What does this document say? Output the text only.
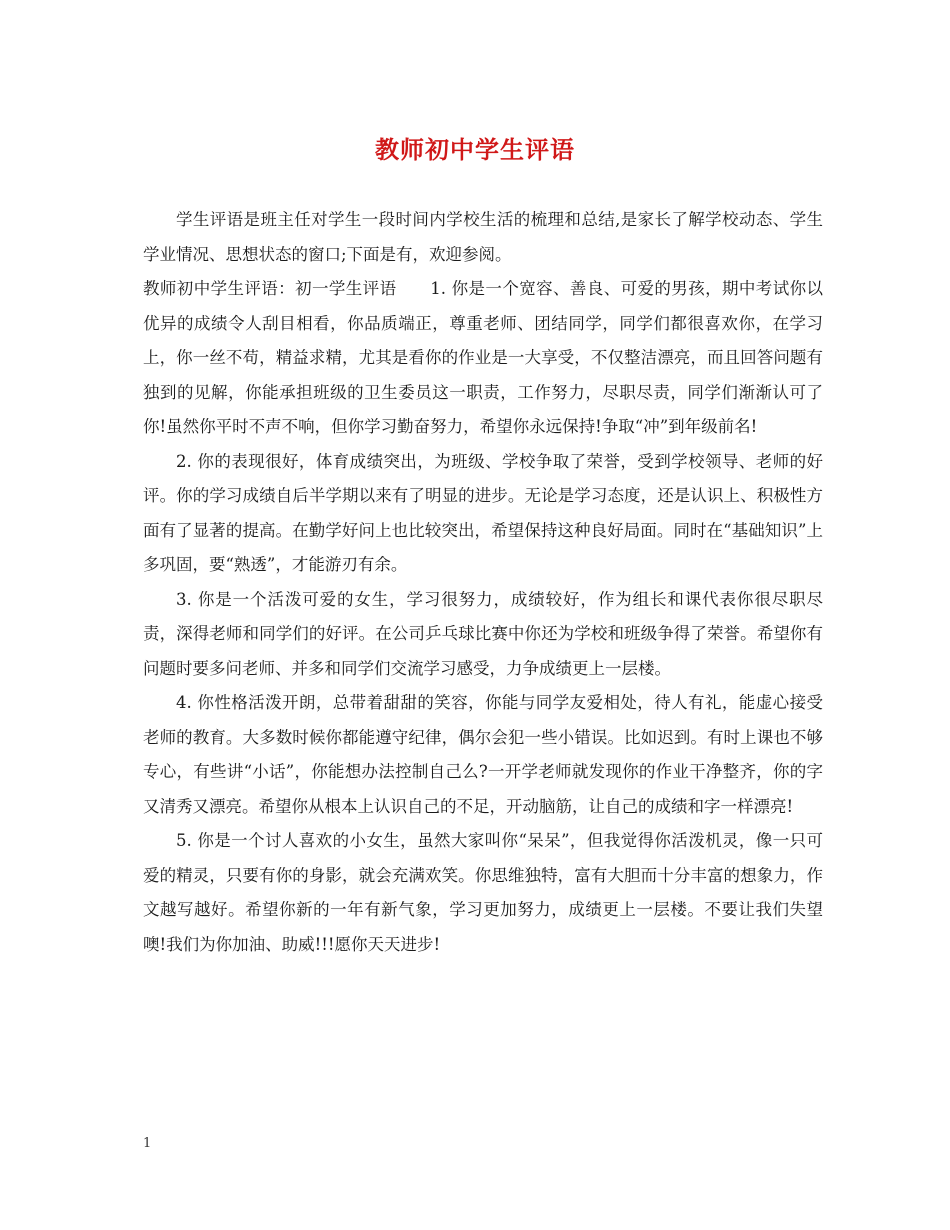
教师初中学生评语

学生评语是班主任对学生一段时间内学校生活的梳理和总结,是家长了解学校动态、学生学业情况、思想状态的窗口;下面是有，欢迎参阅。

教师初中学生评语：初一学生评语　　1. 你是一个宽容、善良、可爱的男孩，期中考试你以优异的成绩令人刮目相看，你品质端正，尊重老师、团结同学，同学们都很喜欢你，在学习上，你一丝不苟，精益求精，尤其是看你的作业是一大享受，不仅整洁漂亮，而且回答问题有独到的见解，你能承担班级的卫生委员这一职责，工作努力，尽职尽责，同学们渐渐认可了你!虽然你平时不声不响，但你学习勤奋努力，希望你永远保持!争取“冲”到年级前名!

2. 你的表现很好，体育成绩突出，为班级、学校争取了荣誉，受到学校领导、老师的好评。你的学习成绩自后半学期以来有了明显的进步。无论是学习态度，还是认识上、积极性方面有了显著的提高。在勤学好问上也比较突出，希望保持这种良好局面。同时在“基础知识”上多巩固，要“熟透”，才能游刃有余。

3. 你是一个活泼可爱的女生，学习很努力，成绩较好，作为组长和课代表你很尽职尽责，深得老师和同学们的好评。在公司乒乓球比赛中你还为学校和班级争得了荣誉。希望你有问题时要多问老师、并多和同学们交流学习感受，力争成绩更上一层楼。

4. 你性格活泼开朗，总带着甜甜的笑容，你能与同学友爱相处，待人有礼，能虚心接受老师的教育。大多数时候你都能遵守纪律，偶尔会犯一些小错误。比如迟到。有时上课也不够专心，有些讲“小话”，你能想办法控制自己么?一开学老师就发现你的作业干净整齐，你的字又清秀又漂亮。希望你从根本上认识自己的不足，开动脑筋，让自己的成绩和字一样漂亮!

5. 你是一个讨人喜欢的小女生，虽然大家叫你“呆呆”，但我觉得你活泼机灵，像一只可爱的精灵，只要有你的身影，就会充满欢笑。你思维独特，富有大胆而十分丰富的想象力，作文越写越好。希望你新的一年有新气象，学习更加努力，成绩更上一层楼。不要让我们失望噢!我们为你加油、助威!!!愿你天天进步!

1
